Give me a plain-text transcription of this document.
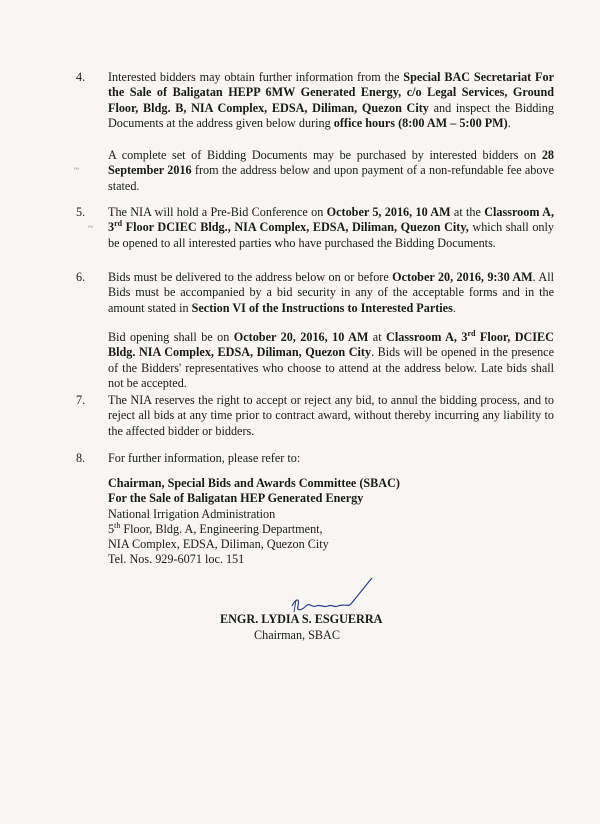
4.	Interested bidders may obtain further information from the Special BAC Secretariat For the Sale of Baligatan HEPP 6MW Generated Energy, c/o Legal Services, Ground Floor, Bldg. B, NIA Complex, EDSA, Diliman, Quezon City and inspect the Bidding Documents at the address given below during office hours (8:00 AM – 5:00 PM).

A complete set of Bidding Documents may be purchased by interested bidders on 28 September 2016 from the address below and upon payment of a non-refundable fee above stated.

5.	The NIA will hold a Pre-Bid Conference on October 5, 2016, 10 AM at the Classroom A, 3rd Floor DCIEC Bldg., NIA Complex, EDSA, Diliman, Quezon City, which shall only be opened to all interested parties who have purchased the Bidding Documents.

6.	Bids must be delivered to the address below on or before October 20, 2016, 9:30 AM. All Bids must be accompanied by a bid security in any of the acceptable forms and in the amount stated in Section VI of the Instructions to Interested Parties.

Bid opening shall be on October 20, 2016, 10 AM at Classroom A, 3rd Floor, DCIEC Bldg. NIA Complex, EDSA, Diliman, Quezon City. Bids will be opened in the presence of the Bidders' representatives who choose to attend at the address below. Late bids shall not be accepted.

7.	The NIA reserves the right to accept or reject any bid, to annul the bidding process, and to reject all bids at any time prior to contract award, without thereby incurring any liability to the affected bidder or bidders.

8.	For further information, please refer to:

Chairman, Special Bids and Awards Committee (SBAC)
For the Sale of Baligatan HEP Generated Energy
National Irrigation Administration
5th Floor, Bldg. A, Engineering Department,
NIA Complex, EDSA, Diliman, Quezon City
Tel. Nos. 929-6071 loc. 151
ENGR. LYDIA S. ESGUERRA
Chairman, SBAC
~
~
